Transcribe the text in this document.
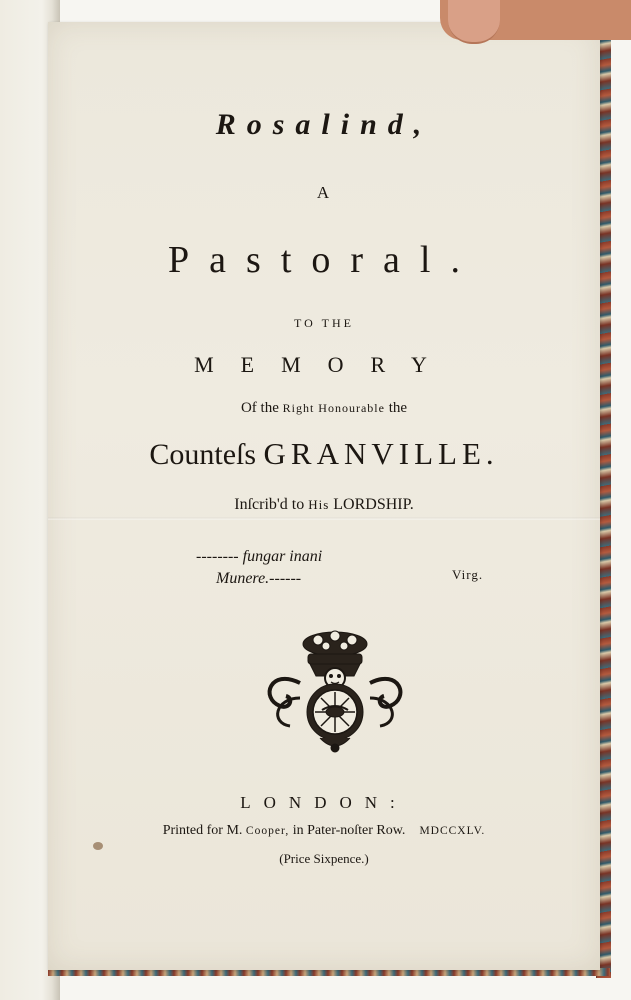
Rosalind,
A
Pastoral.
TO THE
MEMORY
Of the Right Honourable the
Counteſs GRANVILLE.
Inſcrib'd to His LORDSHIP.
-------- fungar inani
Munere.------	Virg.
LONDON:
Printed for M. Cooper, in Pater-noſter Row. MDCCXLV.
(Price Sixpence.)
